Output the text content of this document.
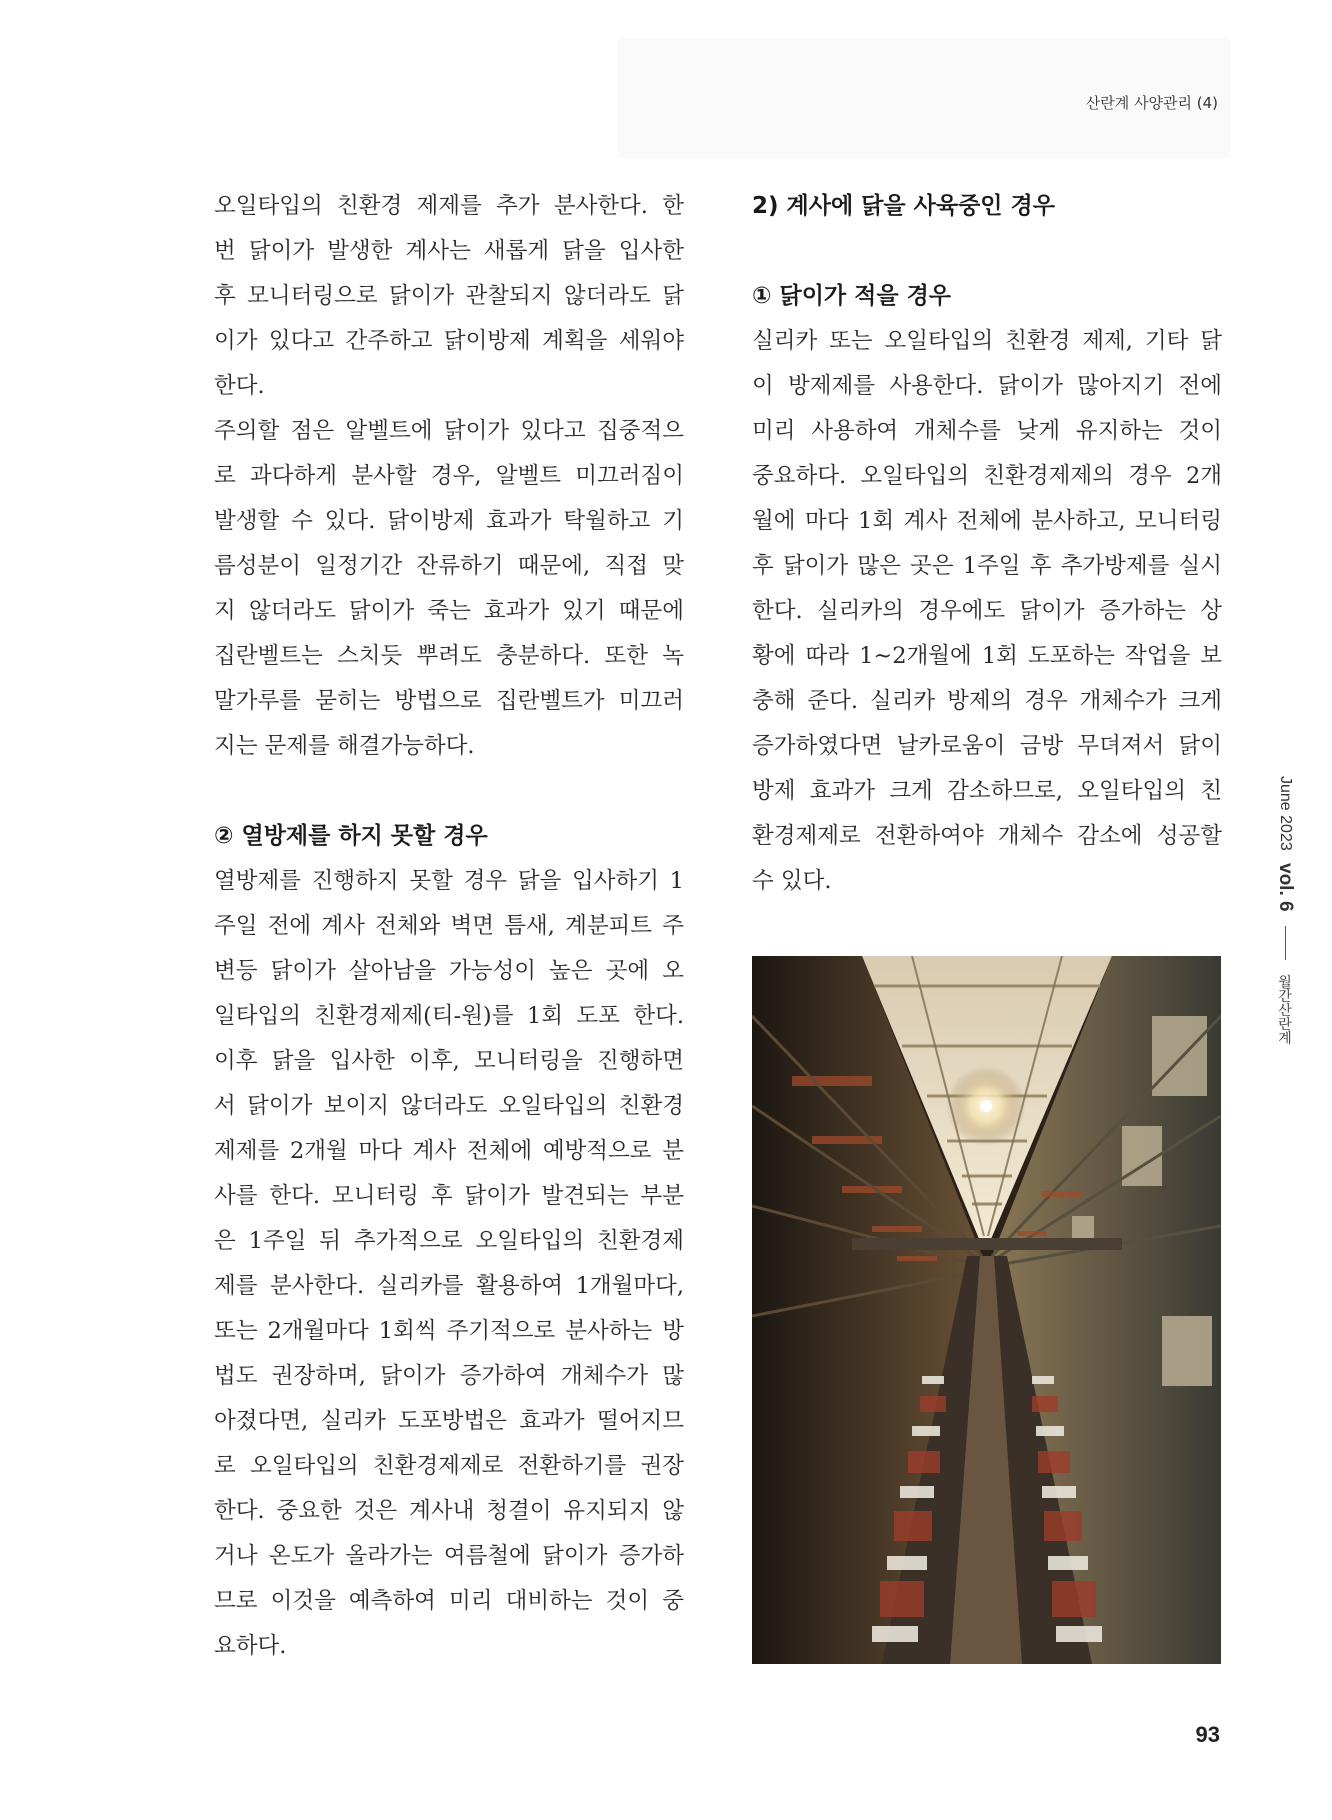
산란계 사양관리 (4)
오일타입의 친환경 제제를 추가 분사한다. 한
번 닭이가 발생한 계사는 새롭게 닭을 입사한
후 모니터링으로 닭이가 관찰되지 않더라도 닭
이가 있다고 간주하고 닭이방제 계획을 세워야
한다.
주의할 점은 알벨트에 닭이가 있다고 집중적으
로 과다하게 분사할 경우, 알벨트 미끄러짐이
발생할 수 있다. 닭이방제 효과가 탁월하고 기
름성분이 일정기간 잔류하기 때문에, 직접 맞
지 않더라도 닭이가 죽는 효과가 있기 때문에
집란벨트는 스치듯 뿌려도 충분하다. 또한 녹
말가루를 묻히는 방법으로 집란벨트가 미끄러
지는 문제를 해결가능하다.
② 열방제를 하지 못할 경우
열방제를 진행하지 못할 경우 닭을 입사하기 1
주일 전에 계사 전체와 벽면 틈새, 계분피트 주
변등 닭이가 살아남을 가능성이 높은 곳에 오
일타입의 친환경제제(티-원)를 1회 도포 한다.
이후 닭을 입사한 이후, 모니터링을 진행하면
서 닭이가 보이지 않더라도 오일타입의 친환경
제제를 2개월 마다 계사 전체에 예방적으로 분
사를 한다. 모니터링 후 닭이가 발견되는 부분
은 1주일 뒤 추가적으로 오일타입의 친환경제
제를 분사한다. 실리카를 활용하여 1개월마다,
또는 2개월마다 1회씩 주기적으로 분사하는 방
법도 권장하며, 닭이가 증가하여 개체수가 많
아졌다면, 실리카 도포방법은 효과가 떨어지므
로 오일타입의 친환경제제로 전환하기를 권장
한다. 중요한 것은 계사내 청결이 유지되지 않
거나 온도가 올라가는 여름철에 닭이가 증가하
므로 이것을 예측하여 미리 대비하는 것이 중
요하다.
2) 계사에 닭을 사육중인 경우
① 닭이가 적을 경우
실리카 또는 오일타입의 친환경 제제, 기타 닭
이 방제제를 사용한다. 닭이가 많아지기 전에
미리 사용하여 개체수를 낮게 유지하는 것이
중요하다. 오일타입의 친환경제제의 경우 2개
월에 마다 1회 계사 전체에 분사하고, 모니터링
후 닭이가 많은 곳은 1주일 후 추가방제를 실시
한다. 실리카의 경우에도 닭이가 증가하는 상
황에 따라 1~2개월에 1회 도포하는 작업을 보
충해 준다. 실리카 방제의 경우 개체수가 크게
증가하였다면 날카로움이 금방 무뎌져서 닭이
방제 효과가 크게 감소하므로, 오일타입의 친
환경제제로 전환하여야 개체수 감소에 성공할
수 있다.
June 2023 vol. 6  월간산란계
93
